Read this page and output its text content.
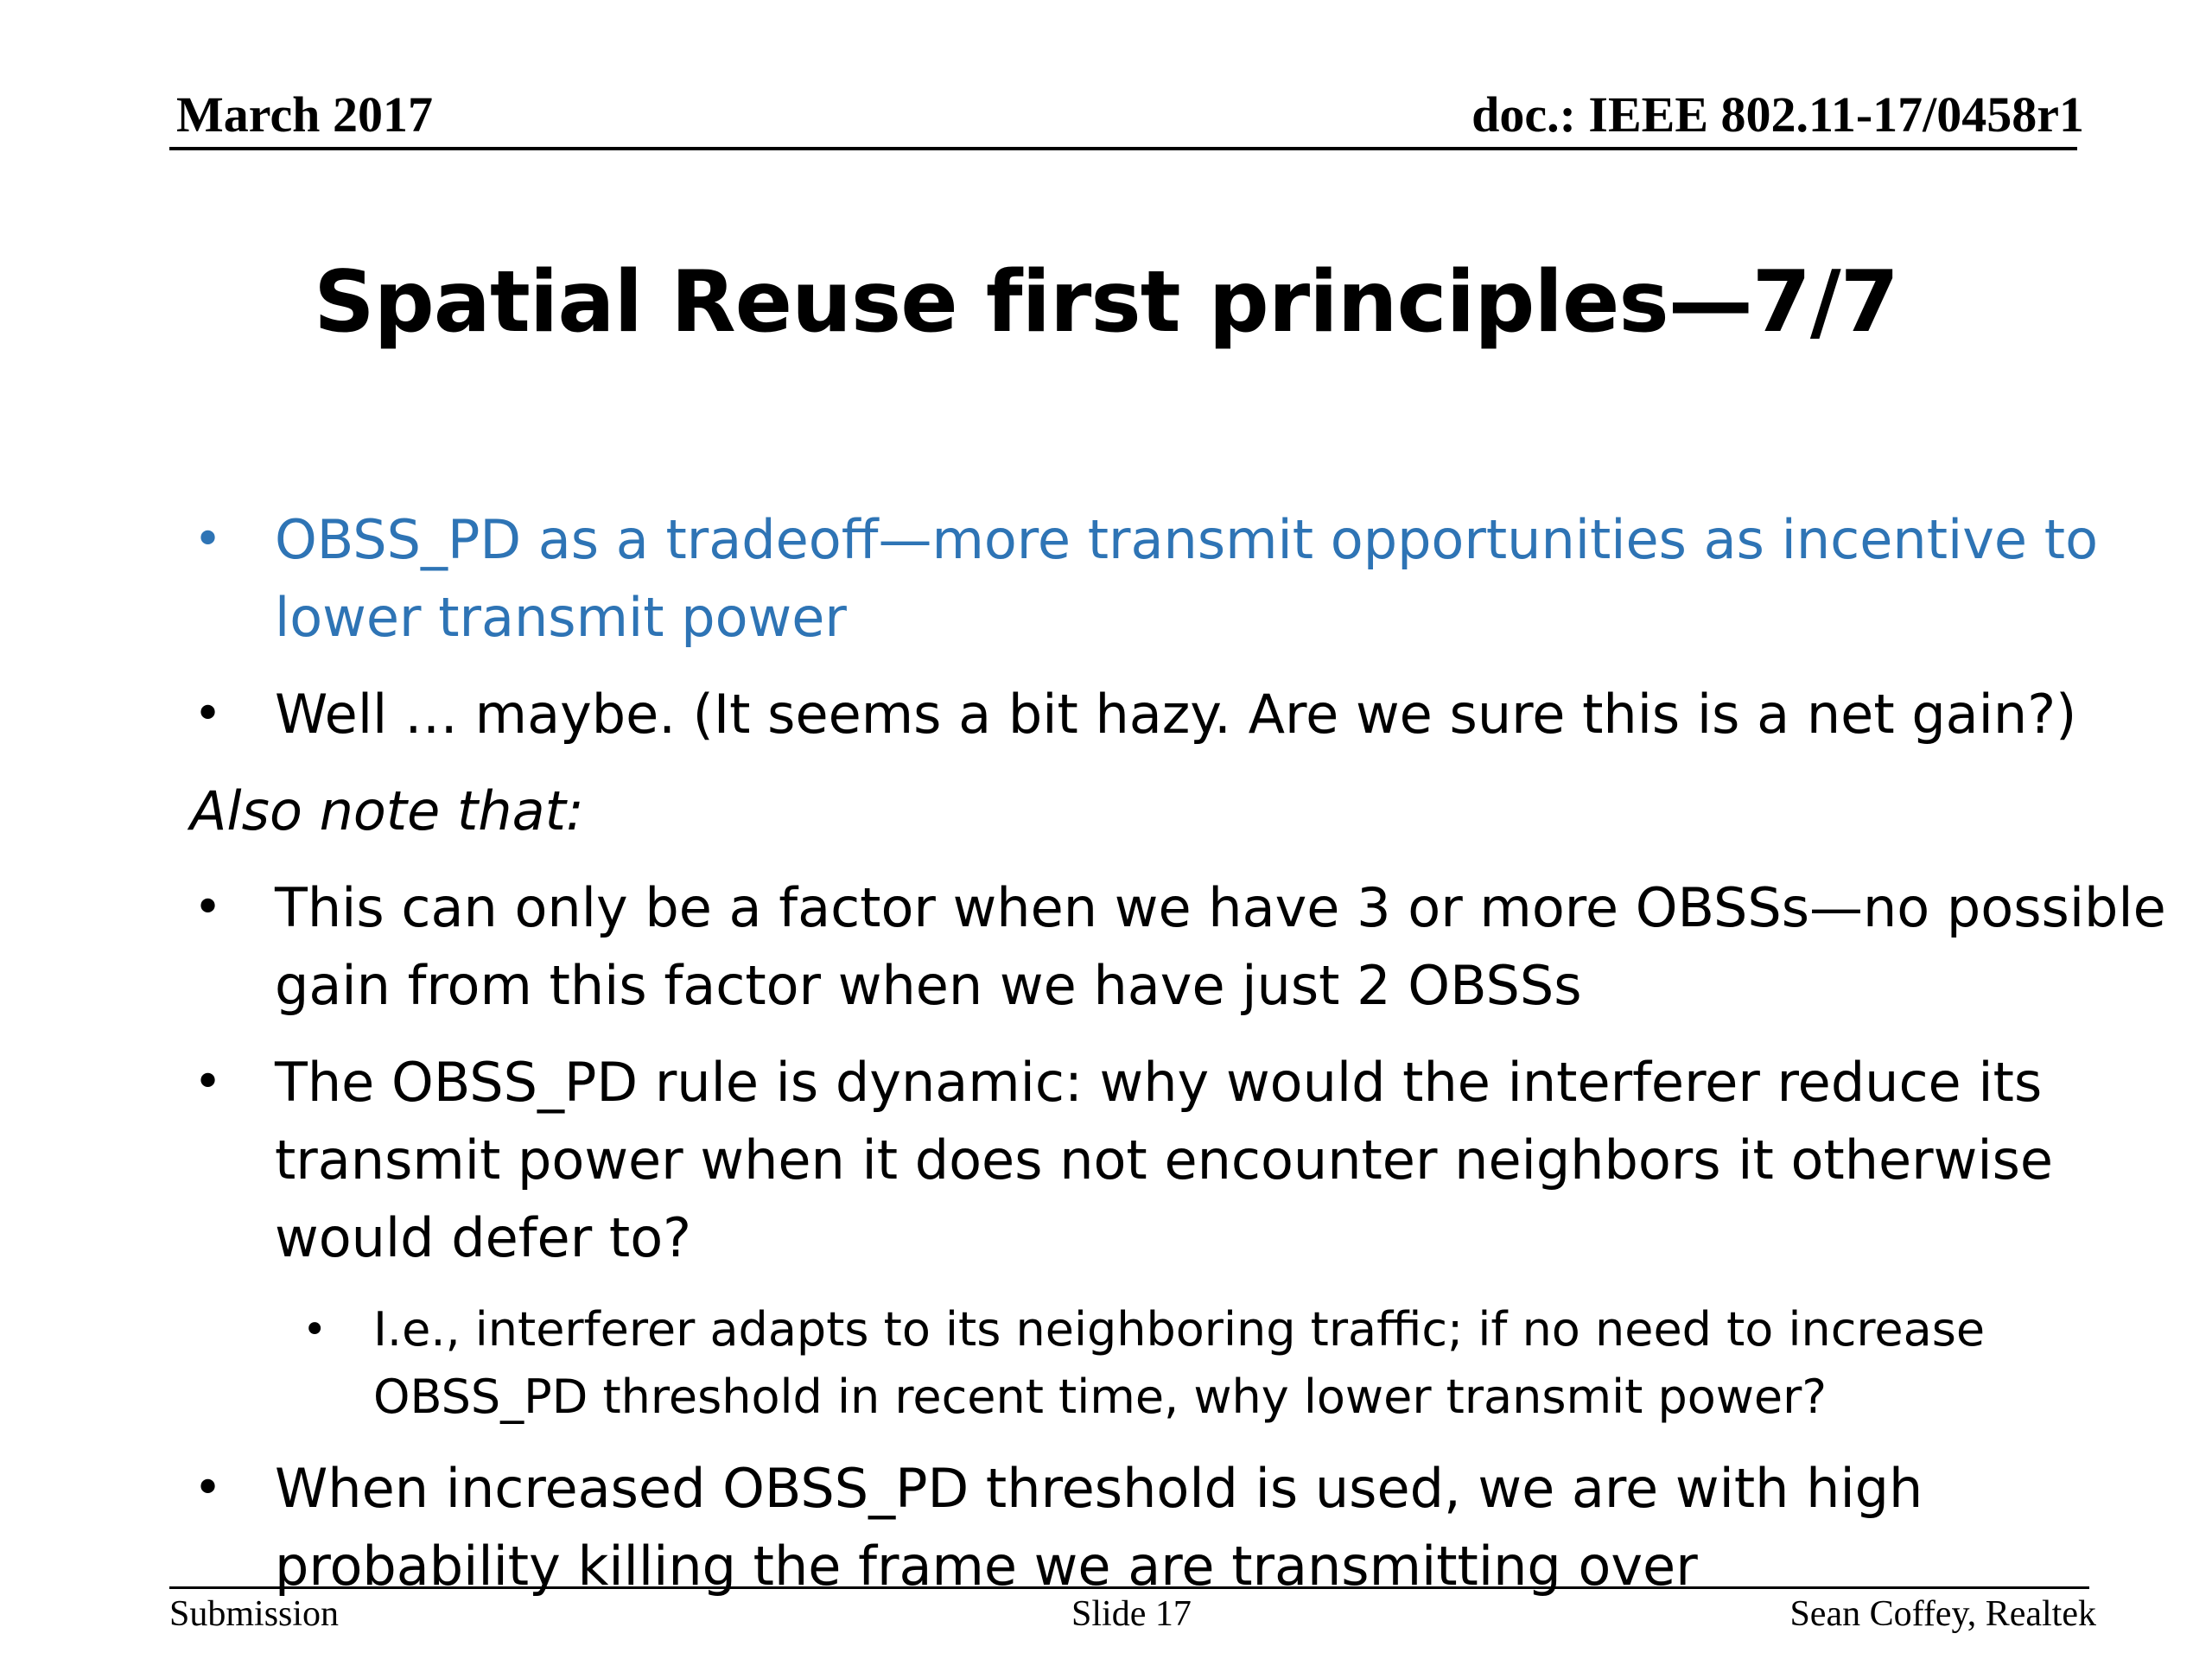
March 2017	doc.: IEEE 802.11-17/0458r1
Spatial Reuse first principles—7/7
• OBSS_PD as a tradeoff—more transmit opportunities as incentive to lower transmit power
• Well … maybe. (It seems a bit hazy. Are we sure this is a net gain?)
Also note that:
• This can only be a factor when we have 3 or more OBSSs—no possible gain from this factor when we have just 2 OBSSs
• The OBSS_PD rule is dynamic: why would the interferer reduce its transmit power when it does not encounter neighbors it otherwise would defer to?
• I.e., interferer adapts to its neighboring traffic; if no need to increase OBSS_PD threshold in recent time, why lower transmit power?
• When increased OBSS_PD threshold is used, we are with high probability killing the frame we are transmitting over
Submission	Slide 17	Sean Coffey, Realtek
